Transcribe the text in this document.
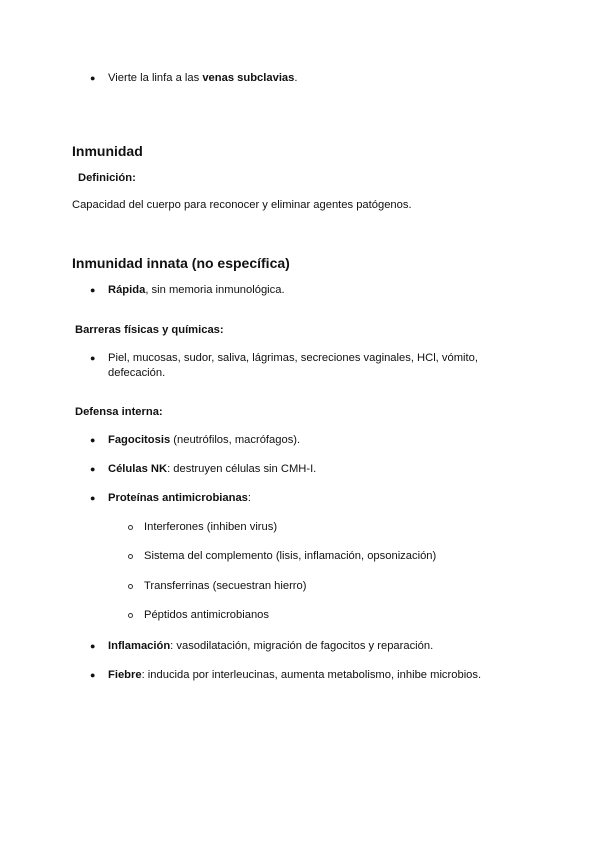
● Vierte la linfa a las venas subclavias.
Inmunidad
Definición:
Capacidad del cuerpo para reconocer y eliminar agentes patógenos.
Inmunidad innata (no específica)
● Rápida, sin memoria inmunológica.
Barreras físicas y químicas:
● Piel, mucosas, sudor, saliva, lágrimas, secreciones vaginales, HCl, vómito,
defecación.
Defensa interna:
● Fagocitosis (neutrófilos, macrófagos).
● Células NK: destruyen células sin CMH-I.
● Proteínas antimicrobianas:
Interferones (inhiben virus)
Sistema del complemento (lisis, inflamación, opsonización)
Transferrinas (secuestran hierro)
Péptidos antimicrobianos
● Inflamación: vasodilatación, migración de fagocitos y reparación.
● Fiebre: inducida por interleucinas, aumenta metabolismo, inhibe microbios.
